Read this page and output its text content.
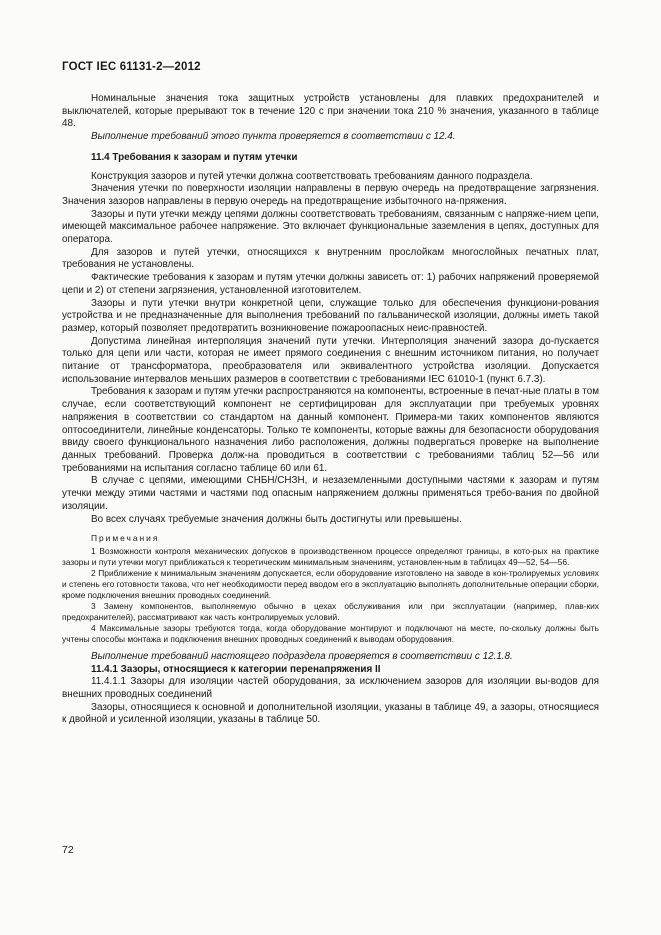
ГОСТ IEC 61131-2—2012

Номинальные значения тока защитных устройств установлены для плавких предохранителей и выключателей, которые прерывают ток в течение 120 с при значении тока 210 % значения, указанного в таблице 48.

Выполнение требований этого пункта проверяется в соответствии с 12.4.

11.4 Требования к зазорам и путям утечки

Конструкция зазоров и путей утечки должна соответствовать требованиям данного подраздела.

Значения утечки по поверхности изоляции направлены в первую очередь на предотвращение загрязнения. Значения зазоров направлены в первую очередь на предотвращение избыточного на-пряжения.

Зазоры и пути утечки между цепями должны соответствовать требованиям, связанным с напряже-нием цепи, имеющей максимальное рабочее напряжение. Это включает функциональные заземления в цепях, доступных для оператора.

Для зазоров и путей утечки, относящихся к внутренним прослойкам многослойных печатных плат, требования не установлены.

Фактические требования к зазорам и путям утечки должны зависеть от: 1) рабочих напряжений проверяемой цепи и 2) от степени загрязнения, установленной изготовителем.

Зазоры и пути утечки внутри конкретной цепи, служащие только для обеспечения функциони-рования устройства и не предназначенные для выполнения требований по гальванической изоляции, должны иметь такой размер, который позволяет предотвратить возникновение пожароопасных неис-правностей.

Допустима линейная интерполяция значений пути утечки. Интерполяция значений зазора до-пускается только для цепи или части, которая не имеет прямого соединения с внешним источником питания, но получает питание от трансформатора, преобразователя или эквивалентного устройства изоляции. Допускается использование интервалов меньших размеров в соответствии с требованиями IEC 61010-1 (пункт 6.7.3).

Требования к зазорам и путям утечки распространяются на компоненты, встроенные в печат-ные платы в том случае, если соответствующий компонент не сертифицирован для эксплуатации при требуемых уровнях напряжения в соответствии со стандартом на данный компонент. Примера-ми таких компонентов являются оптосоединители, линейные конденсаторы. Только те компоненты, которые важны для безопасности оборудования ввиду своего функционального назначения либо расположения, должны подвергаться проверке на выполнение данных требований. Проверка долж-на проводиться в соответствии с требованиями таблиц 52—56 или требованиями на испытания согласно таблице 60 или 61.

В случае с цепями, имеющими СНБН/СНЗН, и незаземленными доступными частями к зазорам и путям утечки между этими частями и частями под опасным напряжением должны применяться требо-вания по двойной изоляции.

Во всех случаях требуемые значения должны быть достигнуты или превышены.

Примечания

1 Возможности контроля механических допусков в производственном процессе определяют границы, в кото-рых на практике зазоры и пути утечки могут приближаться к теоретическим минимальным значениям, установлен-ным в таблицах 49—52, 54—56.

2 Приближение к минимальным значениям допускается, если оборудование изготовлено на заводе в кон-тролируемых условиях и степень его готовности такова, что нет необходимости перед вводом его в эксплуатацию выполнять дополнительные операции сборки, кроме подключения внешних проводных соединений.

3 Замену компонентов, выполняемую обычно в цехах обслуживания или при эксплуатации (например, плав-ких предохранителей), рассматривают как часть контролируемых условий.

4 Максимальные зазоры требуются тогда, когда оборудование монтируют и подключают на месте, по-скольку должны быть учтены способы монтажа и подключения внешних проводных соединений к выводам оборудования.

Выполнение требований настоящего подраздела проверяется в соответствии с 12.1.8.

11.4.1 Зазоры, относящиеся к категории перенапряжения II

11.4.1.1 Зазоры для изоляции частей оборудования, за исключением зазоров для изоляции вы-водов для внешних проводных соединений

Зазоры, относящиеся к основной и дополнительной изоляции, указаны в таблице 49, а зазоры, относящиеся к двойной и усиленной изоляции, указаны в таблице 50.

72
